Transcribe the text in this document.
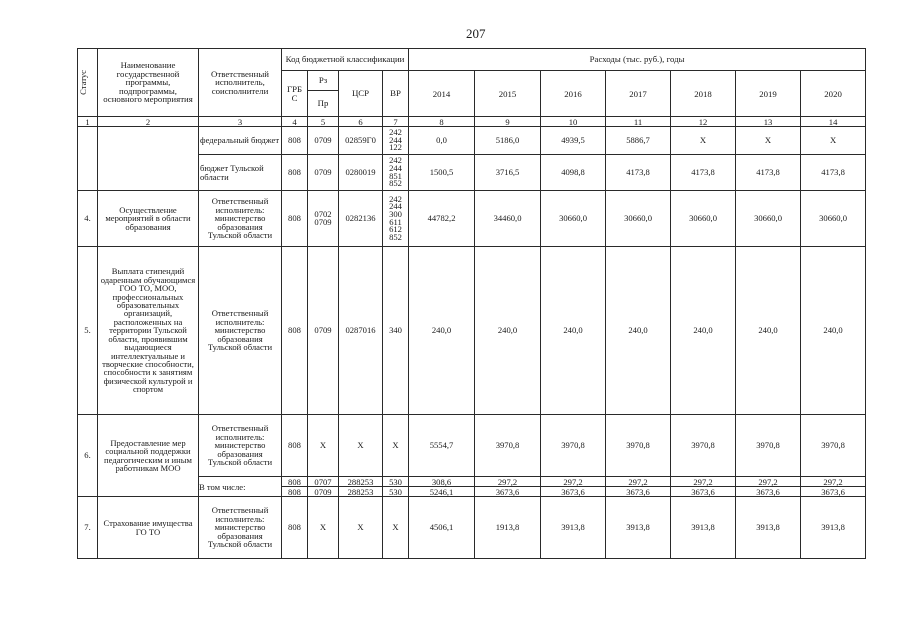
207
Статус	Наименование государственной программы, подпрограммы, основного мероприятия	Ответственный исполнитель, соисполнители	Код бюджетной классификации				Расходы (тыс. руб.), годы						
			ГРБ С	Рз	ЦСР	ВР	2014	2015	2016	2017	2018	2019	2020
				Пр									
1	2	3	4	5	6	7	8	9	10	11	12	13	14
		федеральный бюджет	808	0709	02859Г0	242 244 122	0,0	5186,0	4939,5	5886,7	X	X	X
		бюджет Тульской области	808	0709	0280019	242 244 851 852	1500,5	3716,5	4098,8	4173,8	4173,8	4173,8	4173,8
4.	Осуществление мероприятий в области образования	Ответственный исполнитель: министерство образования Тульской области	808	0702 0709	0282136	242 244 300 611 612 852	44782,2	34460,0	30660,0	30660,0	30660,0	30660,0	30660,0
5.	Выплата стипендий одаренным обучающимся ГОО ТО, МОО, профессиональных образовательных организаций, расположенных на территории Тульской области, проявившим выдающиеся интеллектуальные и творческие способности, способности к занятиям физической культурой и спортом	Ответственный исполнитель: министерство образования Тульской области	808	0709	0287016	340	240,0	240,0	240,0	240,0	240,0	240,0	240,0
6.	Предоставление мер социальной поддержки педагогическим и иным работникам МОО	Ответственный исполнитель: министерство образования Тульской области	808	X	X	X	5554,7	3970,8	3970,8	3970,8	3970,8	3970,8	3970,8
		В том числе:	808	0707	288253	530	308,6	297,2	297,2	297,2	297,2	297,2	297,2
			808	0709	288253	530	5246,1	3673,6	3673,6	3673,6	3673,6	3673,6	3673,6
7.	Страхование имущества ГО ТО	Ответственный исполнитель: министерство образования Тульской области	808	X	X	X	4506,1	1913,8	3913,8	3913,8	3913,8	3913,8	3913,8
